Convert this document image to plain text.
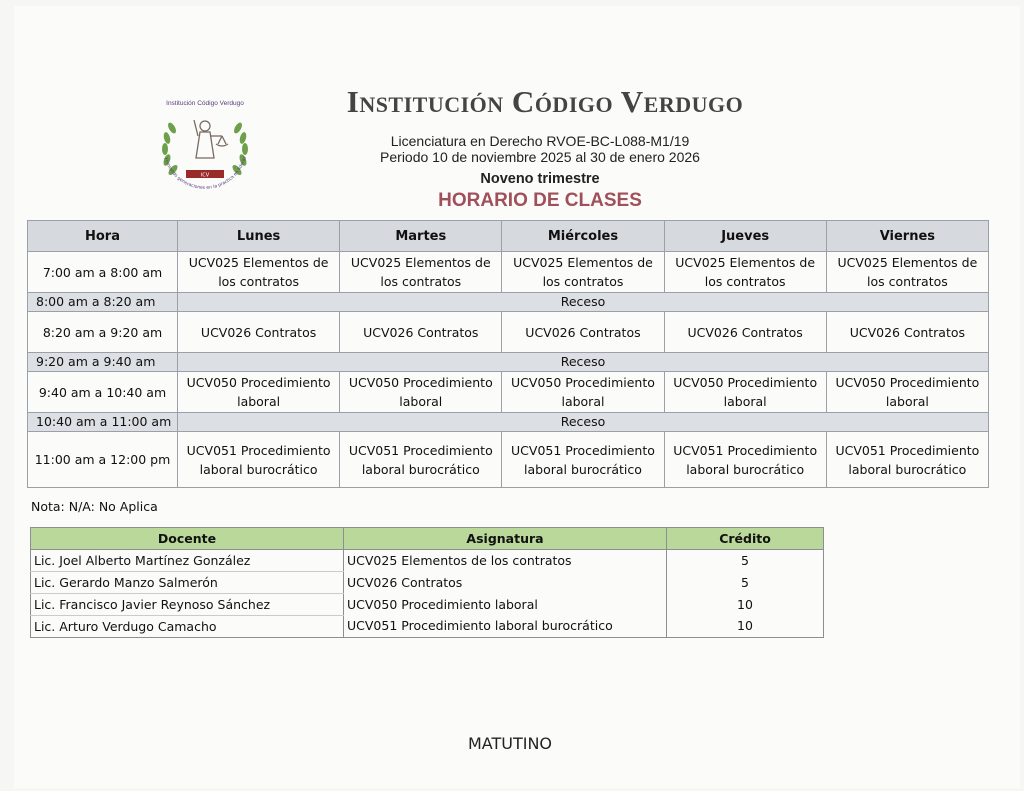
Institución Código Verdugo
ICV
Formando generaciones en la practica en lideraz
Institución Código Verdugo
Licenciatura en Derecho RVOE-BC-L088-M1/19
Periodo 10 de noviembre 2025 al 30 de enero 2026
Noveno trimestre
HORARIO DE CLASES
Hora	Lunes	Martes	Miércoles	Jueves	Viernes
7:00 am a 8:00 am	UCV025 Elementos de los contratos	UCV025 Elementos de los contratos	UCV025 Elementos de los contratos	UCV025 Elementos de los contratos	UCV025 Elementos de los contratos
8:00 am a 8:20 am	Receso				
8:20 am a 9:20 am	UCV026 Contratos	UCV026 Contratos	UCV026 Contratos	UCV026 Contratos	UCV026 Contratos
9:20 am a 9:40 am	Receso				
9:40 am a 10:40 am	UCV050 Procedimiento laboral	UCV050 Procedimiento laboral	UCV050 Procedimiento laboral	UCV050 Procedimiento laboral	UCV050 Procedimiento laboral
10:40 am a 11:00 am	Receso				
11:00 am a 12:00 pm	UCV051 Procedimiento laboral burocrático	UCV051 Procedimiento laboral burocrático	UCV051 Procedimiento laboral burocrático	UCV051 Procedimiento laboral burocrático	UCV051 Procedimiento laboral burocrático
Nota: N/A: No Aplica
Docente	Asignatura	Crédito
Lic. Joel Alberto Martínez González	UCV025 Elementos de los contratos	5
Lic. Gerardo Manzo Salmerón	UCV026 Contratos	5
Lic. Francisco Javier Reynoso Sánchez	UCV050 Procedimiento laboral	10
Lic. Arturo Verdugo Camacho	UCV051 Procedimiento laboral burocrático	10
MATUTINO
